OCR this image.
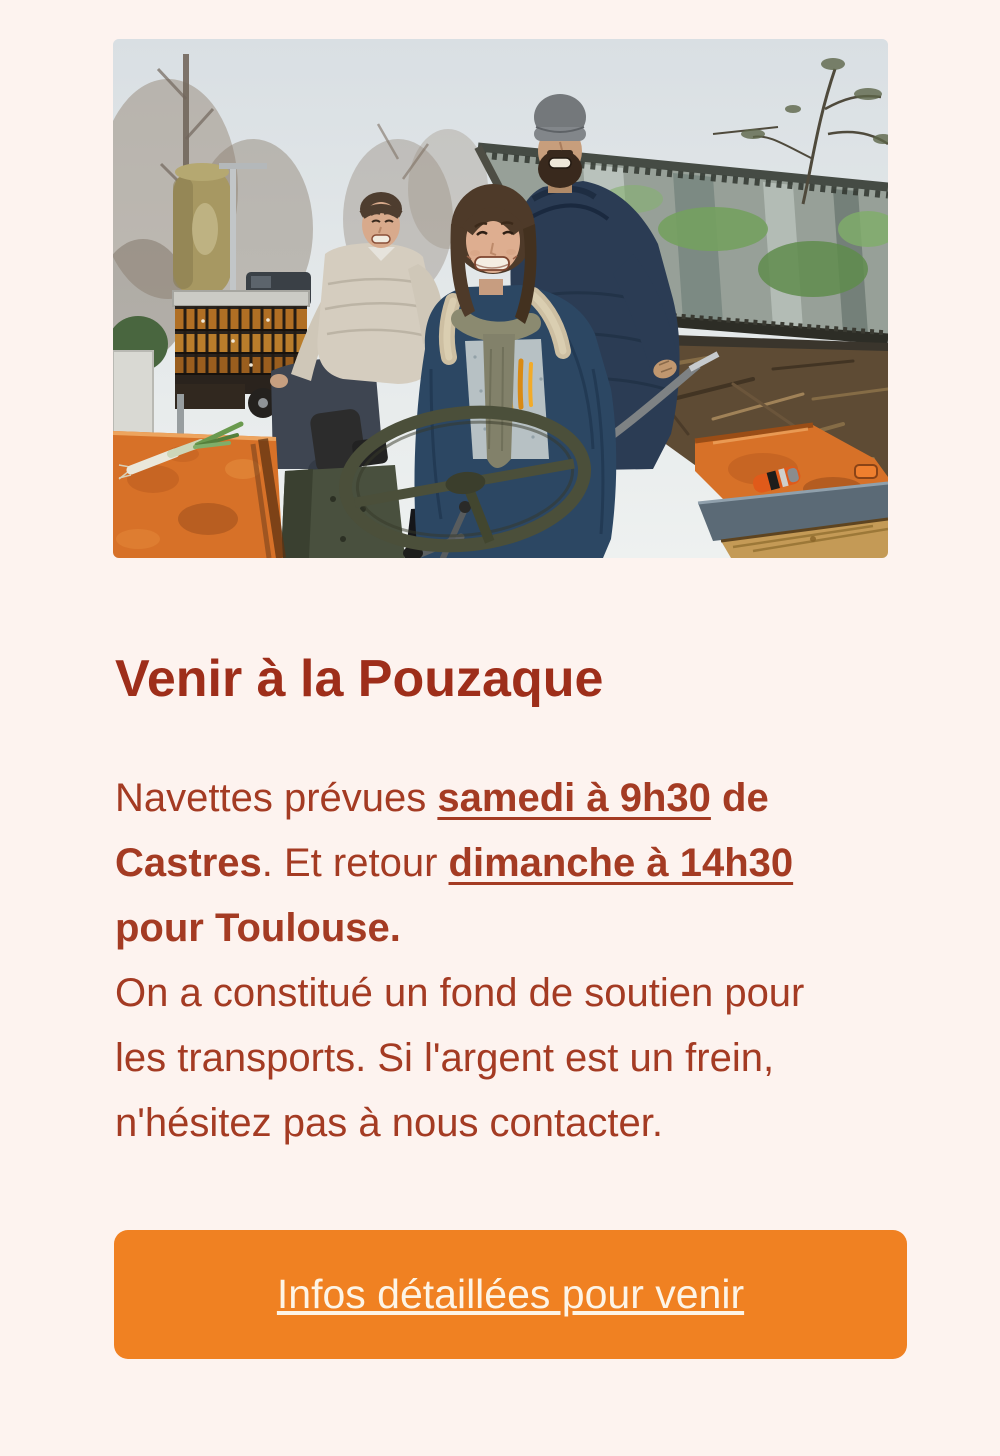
Venir à la Pouzaque
Navettes prévues samedi à 9h30 de
Castres. Et retour dimanche à 14h30
pour Toulouse.
On a constitué un fond de soutien pour
les transports. Si l'argent est un frein,
n'hésitez pas à nous contacter.
Infos détaillées pour venir
